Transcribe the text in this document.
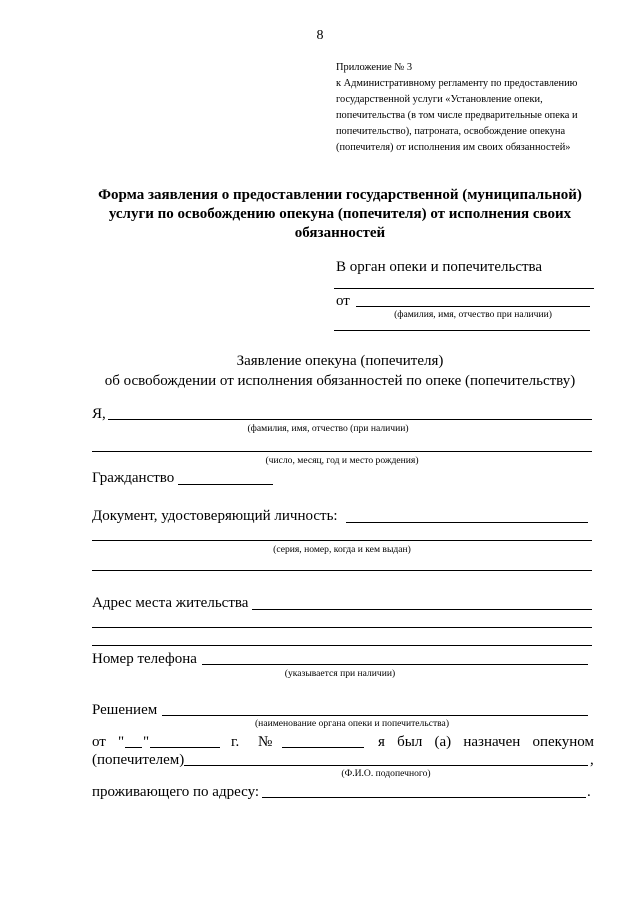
8
Приложение № 3
к Административному регламенту по предоставлению
государственной услуги «Установление опеки,
попечительства (в том числе предварительные опека и
попечительство), патроната, освобождение опекуна
(попечителя) от исполнения им своих обязанностей»
Форма заявления о предоставлении государственной (муниципальной)
услуги по освобождению опекуна (попечителя) от исполнения своих
обязанностей
В орган опеки и попечительства
от
(фамилия, имя, отчество при наличии)
Заявление опекуна (попечителя)
об освобождении от исполнения обязанностей по опеке (попечительству)
Я,
(фамилия, имя, отчество (при наличии)
(число, месяц, год и место рождения)
Гражданство
Документ, удостоверяющий личность:
(серия, номер, когда и кем выдан)
Адрес места жительства
Номер телефона
(указывается при наличии)
Решением
(наименование органа опеки и попечительства)
от " "	г. №	я был (а) назначен опекуном
(попечителем)	,
(Ф.И.О. подопечного)
проживающего по адресу:	.
